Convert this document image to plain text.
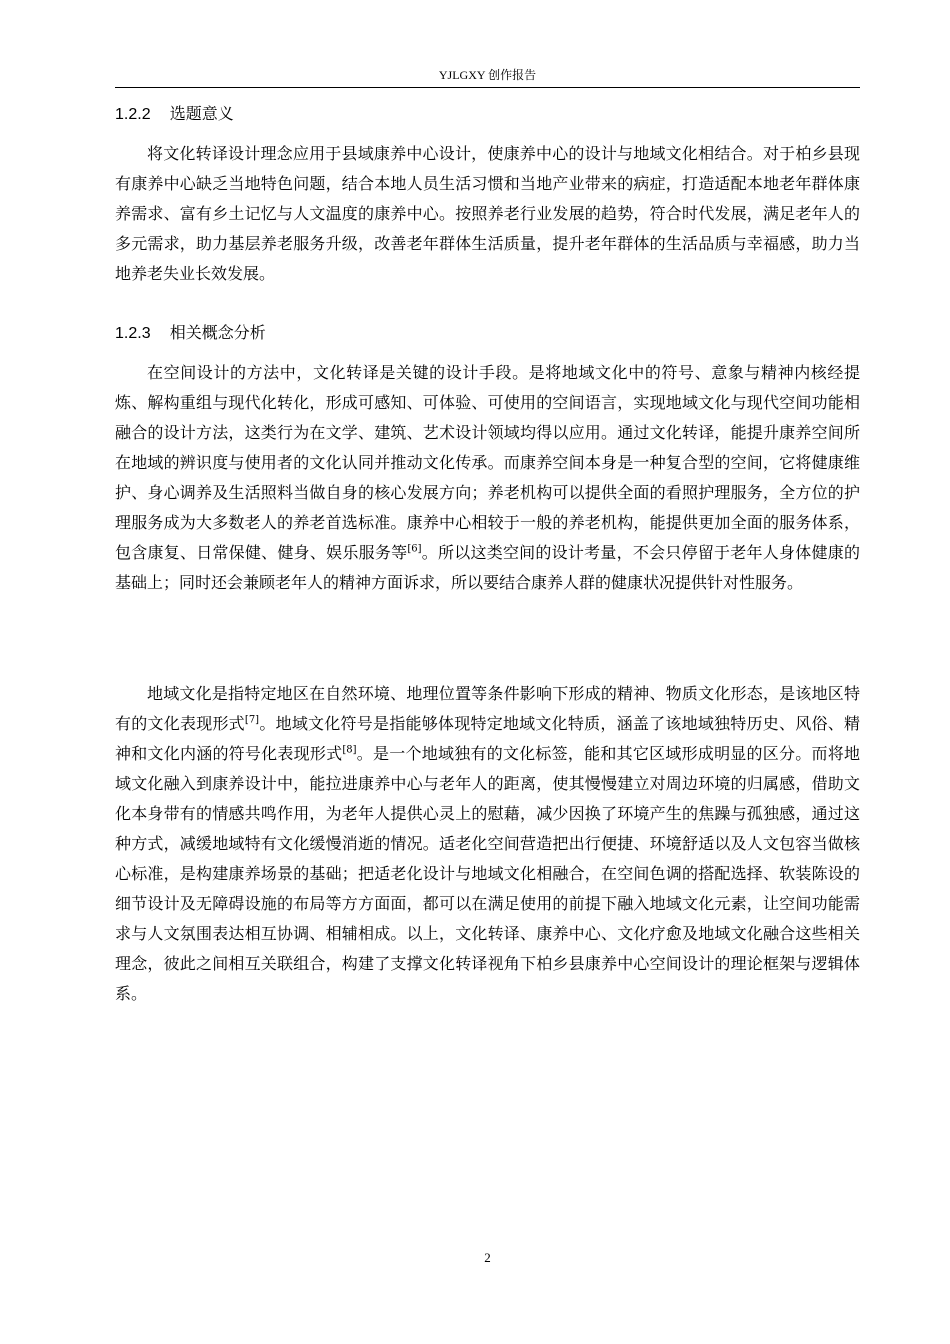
YJLGXY 创作报告
1.2.2 选题意义

将文化转译设计理念应用于县域康养中心设计，使康养中心的设计与地域文化相结合。对于柏乡县现有康养中心缺乏当地特色问题，结合本地人员生活习惯和当地产业带来的病症，打造适配本地老年群体康养需求、富有乡土记忆与人文温度的康养中心。按照养老行业发展的趋势，符合时代发展，满足老年人的多元需求，助力基层养老服务升级，改善老年群体生活质量，提升老年群体的生活品质与幸福感，助力当地养老失业长效发展。

1.2.3 相关概念分析

在空间设计的方法中，文化转译是关键的设计手段。是将地域文化中的符号、意象与精神内核经提炼、解构重组与现代化转化，形成可感知、可体验、可使用的空间语言，实现地域文化与现代空间功能相融合的设计方法，这类行为在文学、建筑、艺术设计领域均得以应用。通过文化转译，能提升康养空间所在地域的辨识度与使用者的文化认同并推动文化传承。而康养空间本身是一种复合型的空间，它将健康维护、身心调养及生活照料当做自身的核心发展方向；养老机构可以提供全面的看照护理服务，全方位的护理服务成为大多数老人的养老首选标准。康养中心相较于一般的养老机构，能提供更加全面的服务体系，包含康复、日常保健、健身、娱乐服务等[6]。所以这类空间的设计考量，不会只停留于老年人身体健康的基础上；同时还会兼顾老年人的精神方面诉求，所以要结合康养人群的健康状况提供针对性服务。

地域文化是指特定地区在自然环境、地理位置等条件影响下形成的精神、物质文化形态，是该地区特有的文化表现形式[7]。地域文化符号是指能够体现特定地域文化特质，涵盖了该地域独特历史、风俗、精神和文化内涵的符号化表现形式[8]。是一个地域独有的文化标签，能和其它区域形成明显的区分。而将地域文化融入到康养设计中，能拉进康养中心与老年人的距离，使其慢慢建立对周边环境的归属感，借助文化本身带有的情感共鸣作用，为老年人提供心灵上的慰藉，减少因换了环境产生的焦躁与孤独感，通过这种方式，减缓地域特有文化缓慢消逝的情况。适老化空间营造把出行便捷、环境舒适以及人文包容当做核心标准，是构建康养场景的基础；把适老化设计与地域文化相融合，在空间色调的搭配选择、软装陈设的细节设计及无障碍设施的布局等方方面面，都可以在满足使用的前提下融入地域文化元素，让空间功能需求与人文氛围表达相互协调、相辅相成。以上，文化转译、康养中心、文化疗愈及地域文化融合这些相关理念，彼此之间相互关联组合，构建了支撑文化转译视角下柏乡县康养中心空间设计的理论框架与逻辑体系。

2
